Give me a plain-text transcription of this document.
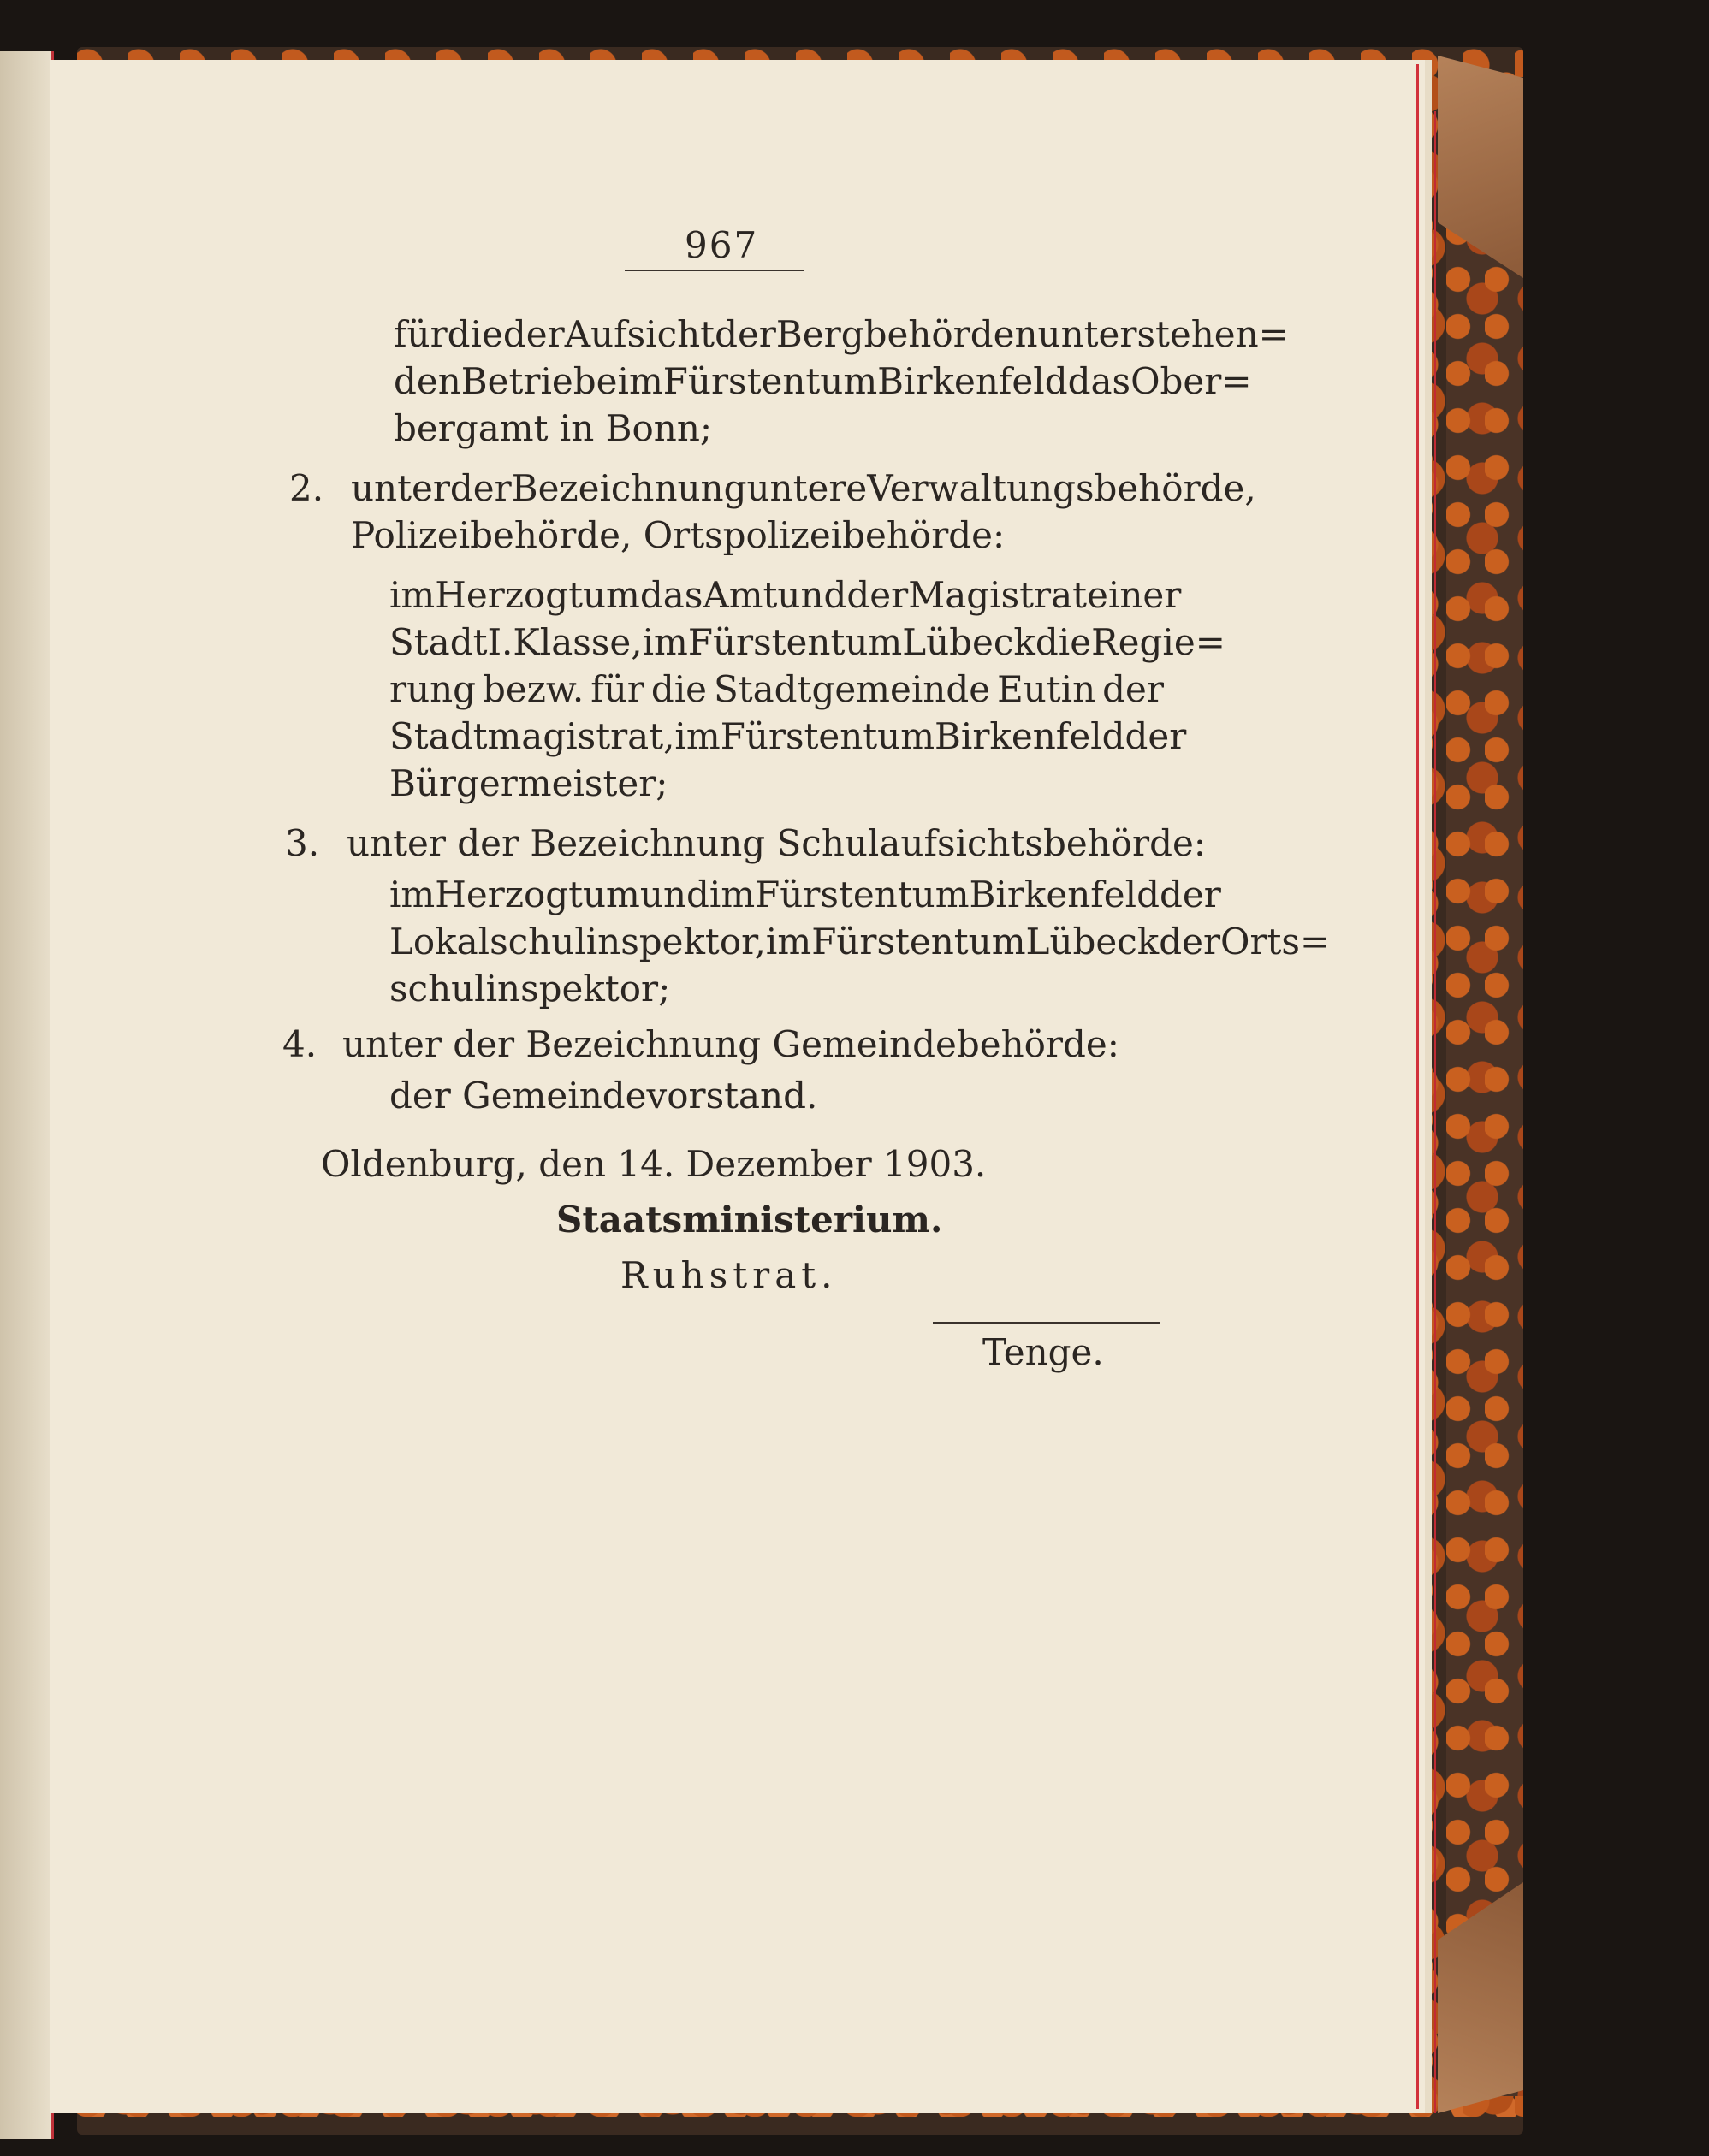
967
für die der Aufsicht der Bergbehörden unterstehen=
den Betriebe im Fürstentum Birkenfeld das Ober=
bergamt in Bonn;
2. unter der Bezeichnung untere Verwaltungsbehörde,
Polizeibehörde, Ortspolizeibehörde:
im Herzogtum das Amt und der Magistrat einer
Stadt I. Klasse, im Fürstentum Lübeck die Regie=
rung bezw. für die Stadtgemeinde Eutin der
Stadtmagistrat, im Fürstentum Birkenfeld der
Bürgermeister;
3. unter der Bezeichnung Schulaufsichtsbehörde:
im Herzogtum und im Fürstentum Birkenfeld der
Lokalschulinspektor, im Fürstentum Lübeck der Orts=
schulinspektor;
4. unter der Bezeichnung Gemeindebehörde:
der Gemeindevorstand.
Oldenburg, den 14. Dezember 1903.
Staatsministerium.
Ruhstrat.
Tenge.
